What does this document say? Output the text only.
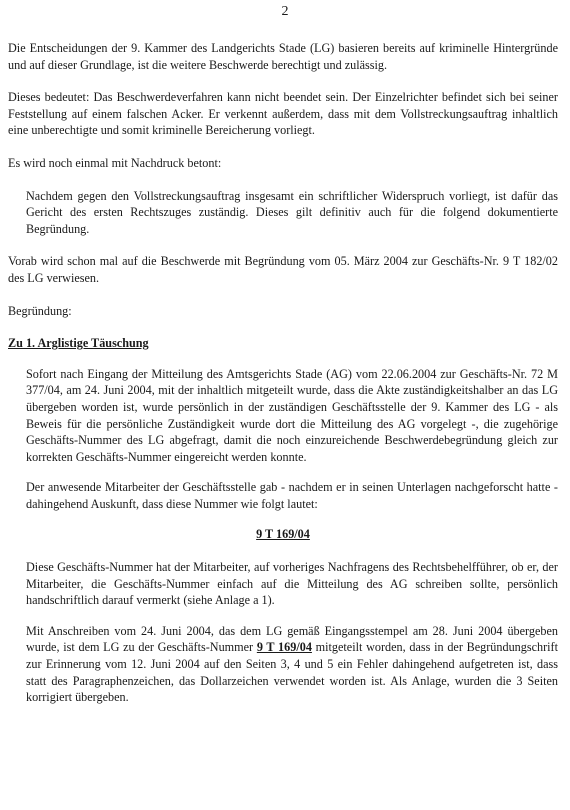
2

Die Entscheidungen der 9. Kammer des Landgerichts Stade (LG) basieren bereits auf kriminelle Hintergründe und auf dieser Grundlage, ist die weitere Beschwerde berechtigt und zulässig.

Dieses bedeutet: Das Beschwerdeverfahren kann nicht beendet sein. Der Einzelrichter befindet sich bei seiner Feststellung auf einem falschen Acker. Er verkennt außerdem, dass mit dem Vollstreckungsauftrag inhaltlich eine unberechtigte und somit kriminelle Bereicherung vorliegt.

Es wird noch einmal mit Nachdruck betont:

Nachdem gegen den Vollstreckungsauftrag insgesamt ein schriftlicher Widerspruch vorliegt, ist dafür das Gericht des ersten Rechtszuges zuständig. Dieses gilt definitiv auch für die folgend dokumentierte Begründung.

Vorab wird schon mal auf die Beschwerde mit Begründung vom 05. März 2004 zur Geschäfts-Nr. 9 T 182/02 des LG verwiesen.

Begründung:

Zu 1. Arglistige Täuschung

Sofort nach Eingang der Mitteilung des Amtsgerichts Stade (AG) vom 22.06.2004 zur Geschäfts-Nr. 72 M 377/04, am 24. Juni 2004, mit der inhaltlich mitgeteilt wurde, dass die Akte zuständigkeitshalber an das LG übergeben worden ist, wurde persönlich in der zuständigen Geschäftsstelle der 9. Kammer des LG - als Beweis für die persönliche Zuständigkeit wurde dort die Mitteilung des AG vorgelegt -, die zugehörige Geschäfts-Nummer des LG abgefragt, damit die noch einzureichende Beschwerdebegründung gleich zur korrekten Geschäfts-Nummer eingereicht werden konnte.

Der anwesende Mitarbeiter der Geschäftsstelle gab - nachdem er in seinen Unterlagen nachgeforscht hatte - dahingehend Auskunft, dass diese Nummer wie folgt lautet:

9 T 169/04

Diese Geschäfts-Nummer hat der Mitarbeiter, auf vorheriges Nachfragens des Rechtsbehelfführer, ob er, der Mitarbeiter, die Geschäfts-Nummer einfach auf die Mitteilung des AG schreiben sollte, persönlich handschriftlich darauf vermerkt (siehe Anlage a 1).

Mit Anschreiben vom 24. Juni 2004, das dem LG gemäß Eingangsstempel am 28. Juni 2004 übergeben wurde, ist dem LG zu der Geschäfts-Nummer 9 T 169/04 mitgeteilt worden, dass in der Begründungschrift zur Erinnerung vom 12. Juni 2004 auf den Seiten 3, 4 und 5 ein Fehler dahingehend aufgetreten ist, dass statt des Paragraphenzeichen, das Dollarzeichen verwendet worden ist. Als Anlage, wurden die 3 Seiten korrigiert übergeben.
